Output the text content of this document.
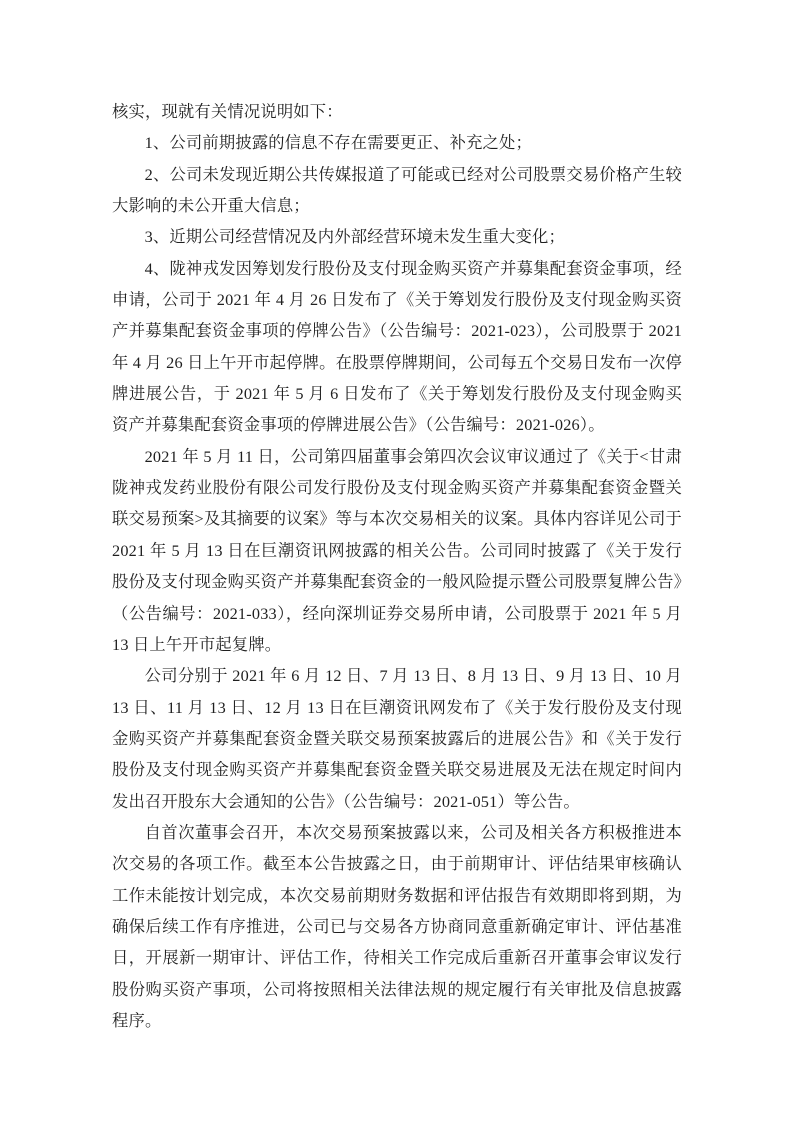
核实，现就有关情况说明如下：

1、公司前期披露的信息不存在需要更正、补充之处；

2、公司未发现近期公共传媒报道了可能或已经对公司股票交易价格产生较大影响的未公开重大信息；

3、近期公司经营情况及内外部经营环境未发生重大变化；

4、陇神戎发因筹划发行股份及支付现金购买资产并募集配套资金事项，经申请，公司于 2021 年 4 月 26 日发布了《关于筹划发行股份及支付现金购买资产并募集配套资金事项的停牌公告》（公告编号：2021-023），公司股票于 2021 年 4 月 26 日上午开市起停牌。在股票停牌期间，公司每五个交易日发布一次停牌进展公告，于 2021 年 5 月 6 日发布了《关于筹划发行股份及支付现金购买资产并募集配套资金事项的停牌进展公告》（公告编号：2021-026）。

2021 年 5 月 11 日，公司第四届董事会第四次会议审议通过了《关于<甘肃陇神戎发药业股份有限公司发行股份及支付现金购买资产并募集配套资金暨关联交易预案>及其摘要的议案》等与本次交易相关的议案。具体内容详见公司于 2021 年 5 月 13 日在巨潮资讯网披露的相关公告。公司同时披露了《关于发行股份及支付现金购买资产并募集配套资金的一般风险提示暨公司股票复牌公告》（公告编号：2021-033），经向深圳证券交易所申请，公司股票于 2021 年 5 月 13 日上午开市起复牌。

公司分别于 2021 年 6 月 12 日、7 月 13 日、8 月 13 日、9 月 13 日、10 月 13 日、11 月 13 日、12 月 13 日在巨潮资讯网发布了《关于发行股份及支付现金购买资产并募集配套资金暨关联交易预案披露后的进展公告》和《关于发行股份及支付现金购买资产并募集配套资金暨关联交易进展及无法在规定时间内发出召开股东大会通知的公告》（公告编号：2021-051）等公告。

自首次董事会召开，本次交易预案披露以来，公司及相关各方积极推进本次交易的各项工作。截至本公告披露之日，由于前期审计、评估结果审核确认工作未能按计划完成，本次交易前期财务数据和评估报告有效期即将到期，为确保后续工作有序推进，公司已与交易各方协商同意重新确定审计、评估基准日，开展新一期审计、评估工作，待相关工作完成后重新召开董事会审议发行股份购买资产事项，公司将按照相关法律法规的规定履行有关审批及信息披露程序。
